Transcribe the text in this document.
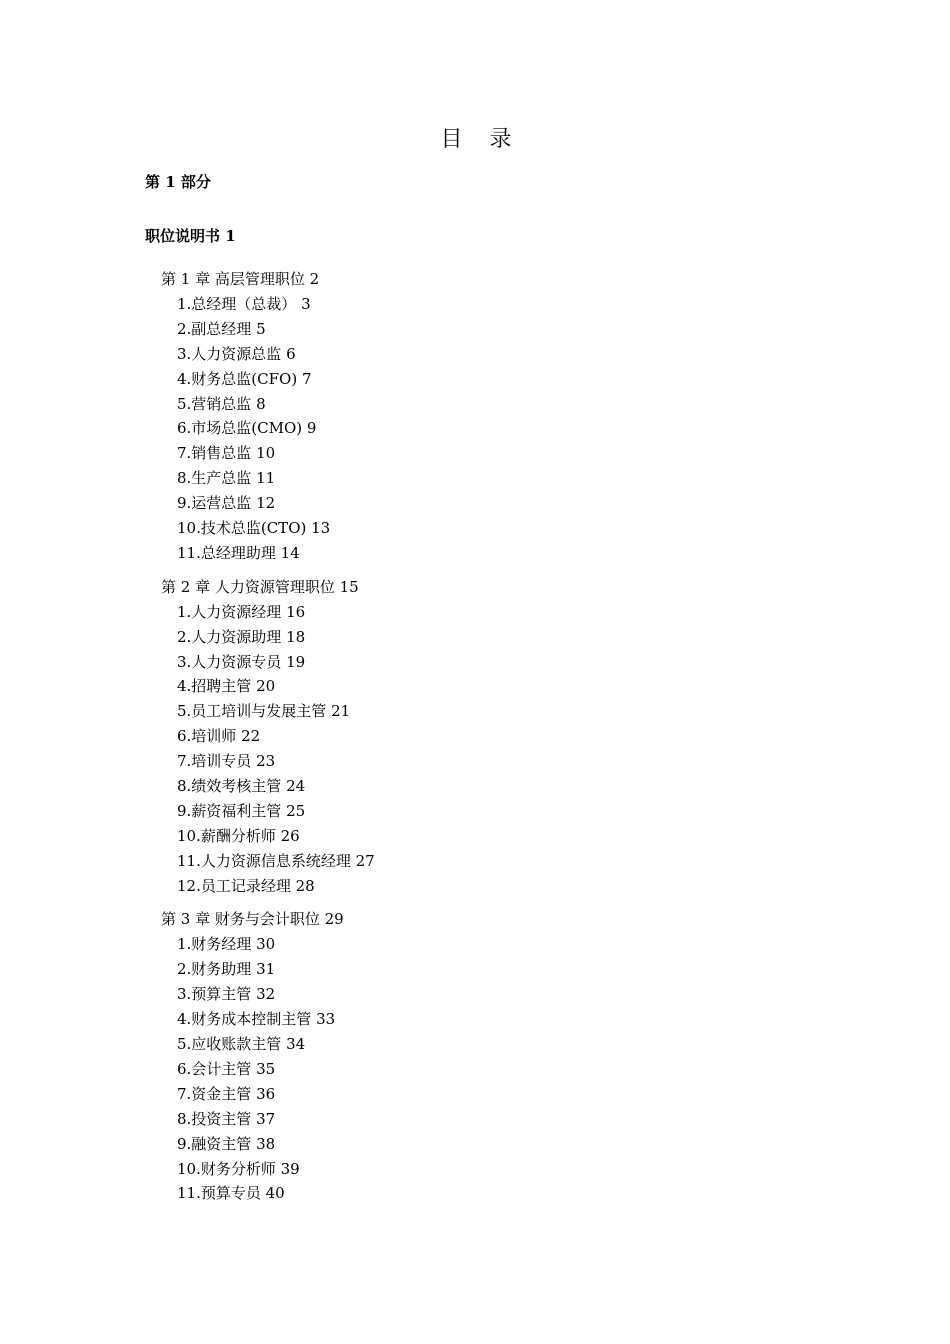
目 录
第 1 部分
职位说明书 1
第 1 章 高层管理职位 2
1.总经理（总裁） 3
2.副总经理 5
3.人力资源总监 6
4.财务总监(CFO) 7
5.营销总监 8
6.市场总监(CMO) 9
7.销售总监 10
8.生产总监 11
9.运营总监 12
10.技术总监(CTO) 13
11.总经理助理 14
第 2 章 人力资源管理职位 15
1.人力资源经理 16
2.人力资源助理 18
3.人力资源专员 19
4.招聘主管 20
5.员工培训与发展主管 21
6.培训师 22
7.培训专员 23
8.绩效考核主管 24
9.薪资福利主管 25
10.薪酬分析师 26
11.人力资源信息系统经理 27
12.员工记录经理 28
第 3 章 财务与会计职位 29
1.财务经理 30
2.财务助理 31
3.预算主管 32
4.财务成本控制主管 33
5.应收账款主管 34
6.会计主管 35
7.资金主管 36
8.投资主管 37
9.融资主管 38
10.财务分析师 39
11.预算专员 40
